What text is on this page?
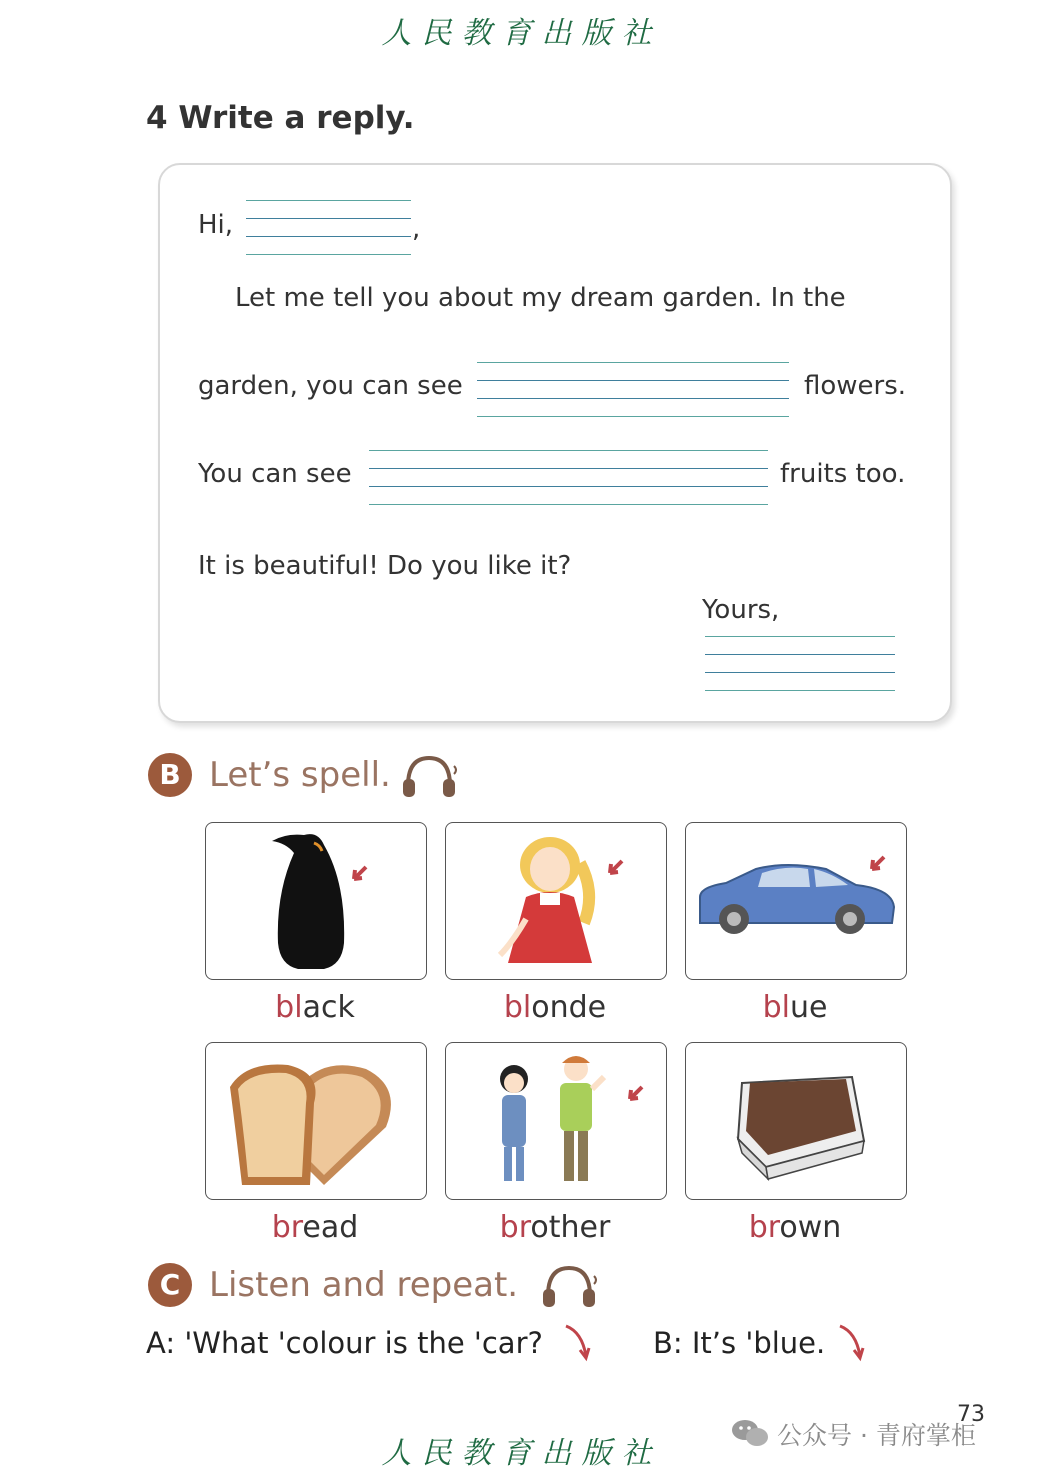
人民教育出版社
4 Write a reply.
Hi,	,
Let me tell you about my dream garden. In the
garden, you can see	flowers.
You can see	fruits too.
It is beautiful! Do you like it?
Yours,
B Let’s spell.
black	blonde	blue
bread	brother	brown
C Listen and repeat.
A: 'What 'colour is the 'car?	B: It’s 'blue.
73
人民教育出版社
公众号 · 青府掌柜
